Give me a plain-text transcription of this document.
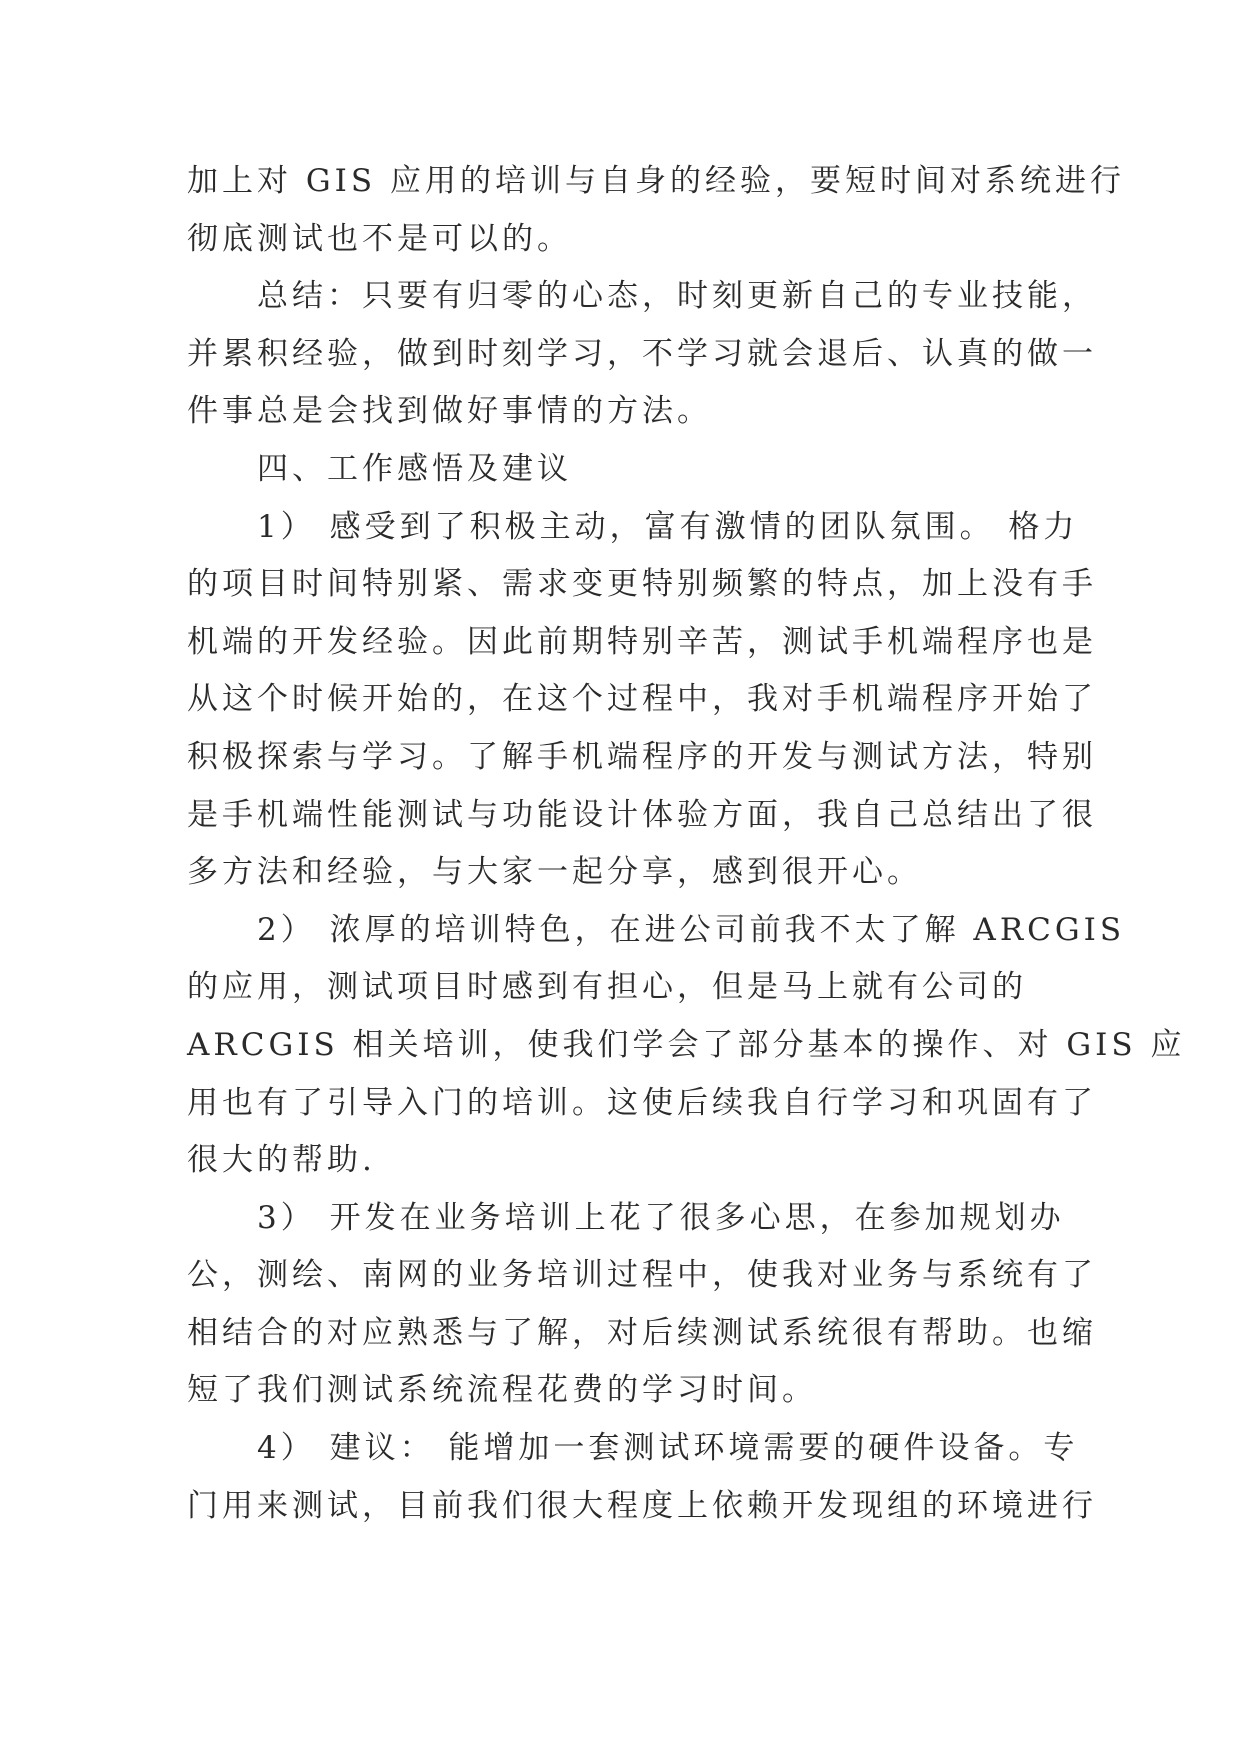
加上对 GIS 应用的培训与自身的经验，要短时间对系统进行
彻底测试也不是可以的。
总结：只要有归零的心态，时刻更新自己的专业技能，
并累积经验，做到时刻学习，不学习就会退后、认真的做一
件事总是会找到做好事情的方法。
四、工作感悟及建议
1） 感受到了积极主动，富有激情的团队氛围。 格力
的项目时间特别紧、需求变更特别频繁的特点，加上没有手
机端的开发经验。因此前期特别辛苦，测试手机端程序也是
从这个时候开始的，在这个过程中，我对手机端程序开始了
积极探索与学习。了解手机端程序的开发与测试方法，特别
是手机端性能测试与功能设计体验方面，我自己总结出了很
多方法和经验，与大家一起分享，感到很开心。
2） 浓厚的培训特色，在进公司前我不太了解 ARCGIS
的应用，测试项目时感到有担心，但是马上就有公司的
ARCGIS 相关培训，使我们学会了部分基本的操作、对 GIS 应
用也有了引导入门的培训。这使后续我自行学习和巩固有了
很大的帮助.
3） 开发在业务培训上花了很多心思，在参加规划办
公，测绘、南网的业务培训过程中，使我对业务与系统有了
相结合的对应熟悉与了解，对后续测试系统很有帮助。也缩
短了我们测试系统流程花费的学习时间。
4） 建议： 能增加一套测试环境需要的硬件设备。专
门用来测试，目前我们很大程度上依赖开发现组的环境进行
